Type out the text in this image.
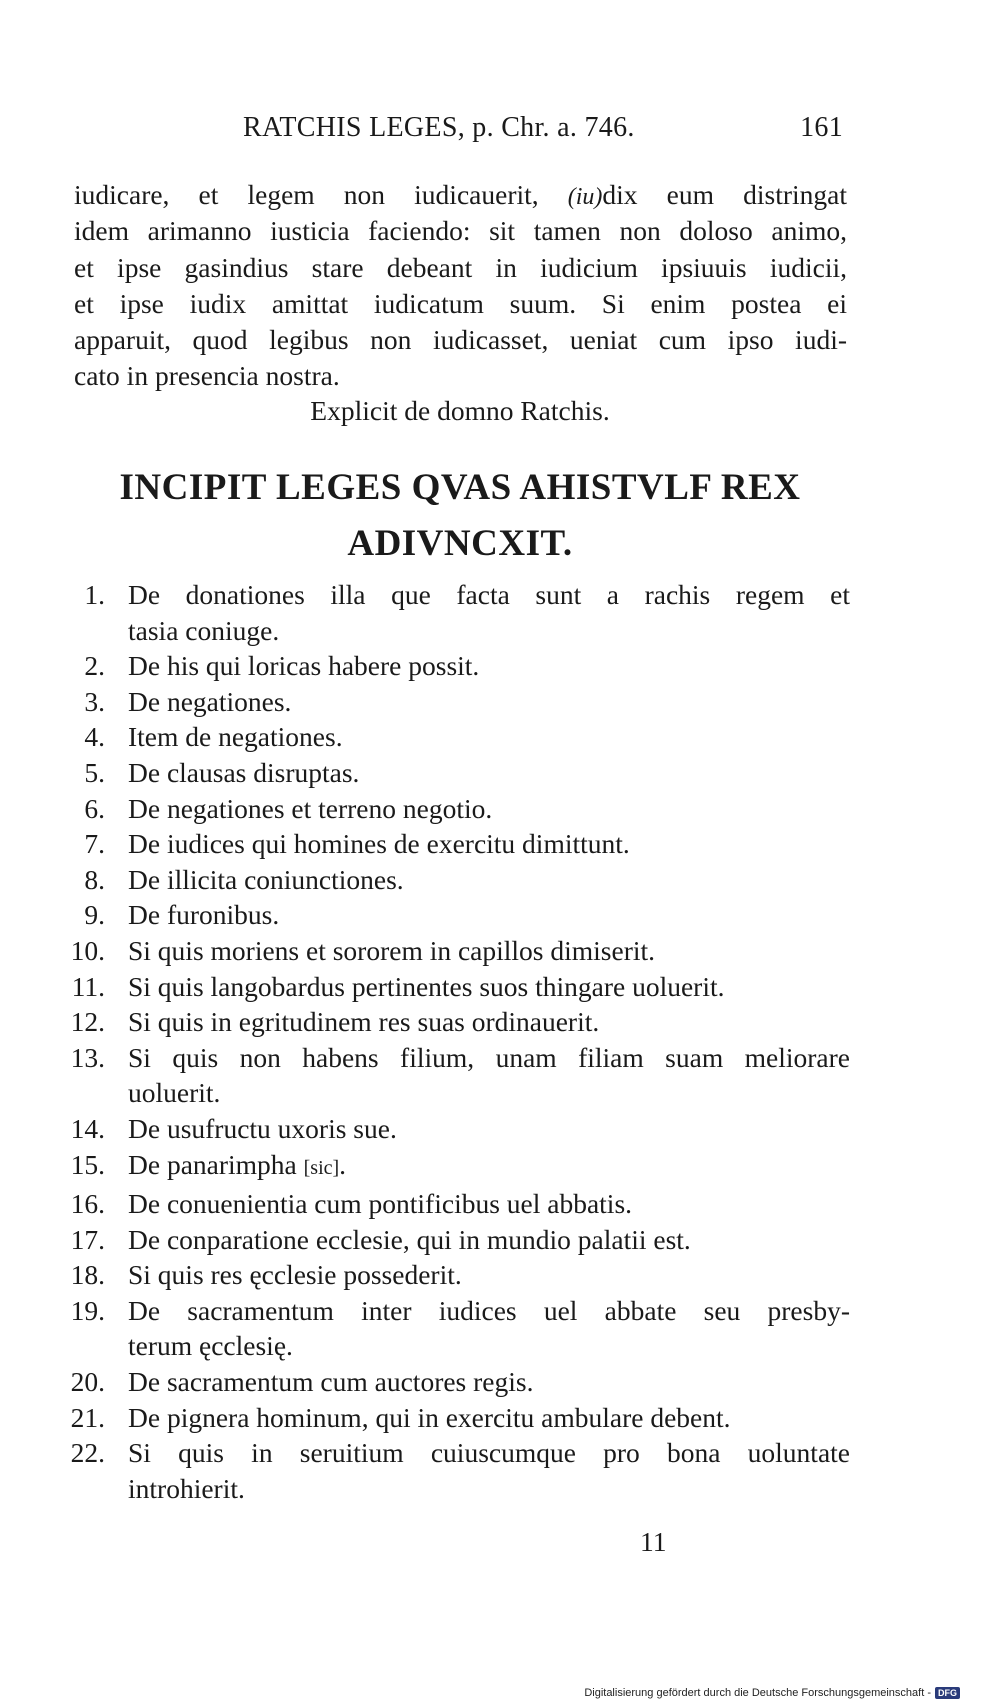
RATCHIS LEGES, p. Chr. a. 746.	161
iudicare, et legem non iudicauerit, (iu)dix eum distringat
idem arimanno iusticia faciendo: sit tamen non doloso animo,
et ipse gasindius stare debeant in iudicium ipsiuuis iudicii,
et ipse iudix amittat iudicatum suum. Si enim postea ei
apparuit, quod legibus non iudicasset, ueniat cum ipso iudi-
cato in presencia nostra.
Explicit de domno Ratchis.
INCIPIT LEGES QVAS AHISTVLF REX
ADIVNCXIT.
1. De donationes illa que facta sunt a rachis regem et
tasia coniuge.
2. De his qui loricas habere possit.
3. De negationes.
4. Item de negationes.
5. De clausas disruptas.
6. De negationes et terreno negotio.
7. De iudices qui homines de exercitu dimittunt.
8. De illicita coniunctiones.
9. De furonibus.
10. Si quis moriens et sororem in capillos dimiserit.
11. Si quis langobardus pertinentes suos thingare uoluerit.
12. Si quis in egritudinem res suas ordinauerit.
13. Si quis non habens filium, unam filiam suam meliorare
uoluerit.
14. De usufructu uxoris sue.
15. De panarimpha [sic].
16. De conuenientia cum pontificibus uel abbatis.
17. De conparatione ecclesie, qui in mundio palatii est.
18. Si quis res ęcclesie possederit.
19. De sacramentum inter iudices uel abbate seu presby-
terum ęcclesię.
20. De sacramentum cum auctores regis.
21. De pignera hominum, qui in exercitu ambulare debent.
22. Si quis in seruitium cuiuscumque pro bona uoluntate
introhierit.
11
Digitalisierung gefördert durch die Deutsche Forschungsgemeinschaft - DFG
